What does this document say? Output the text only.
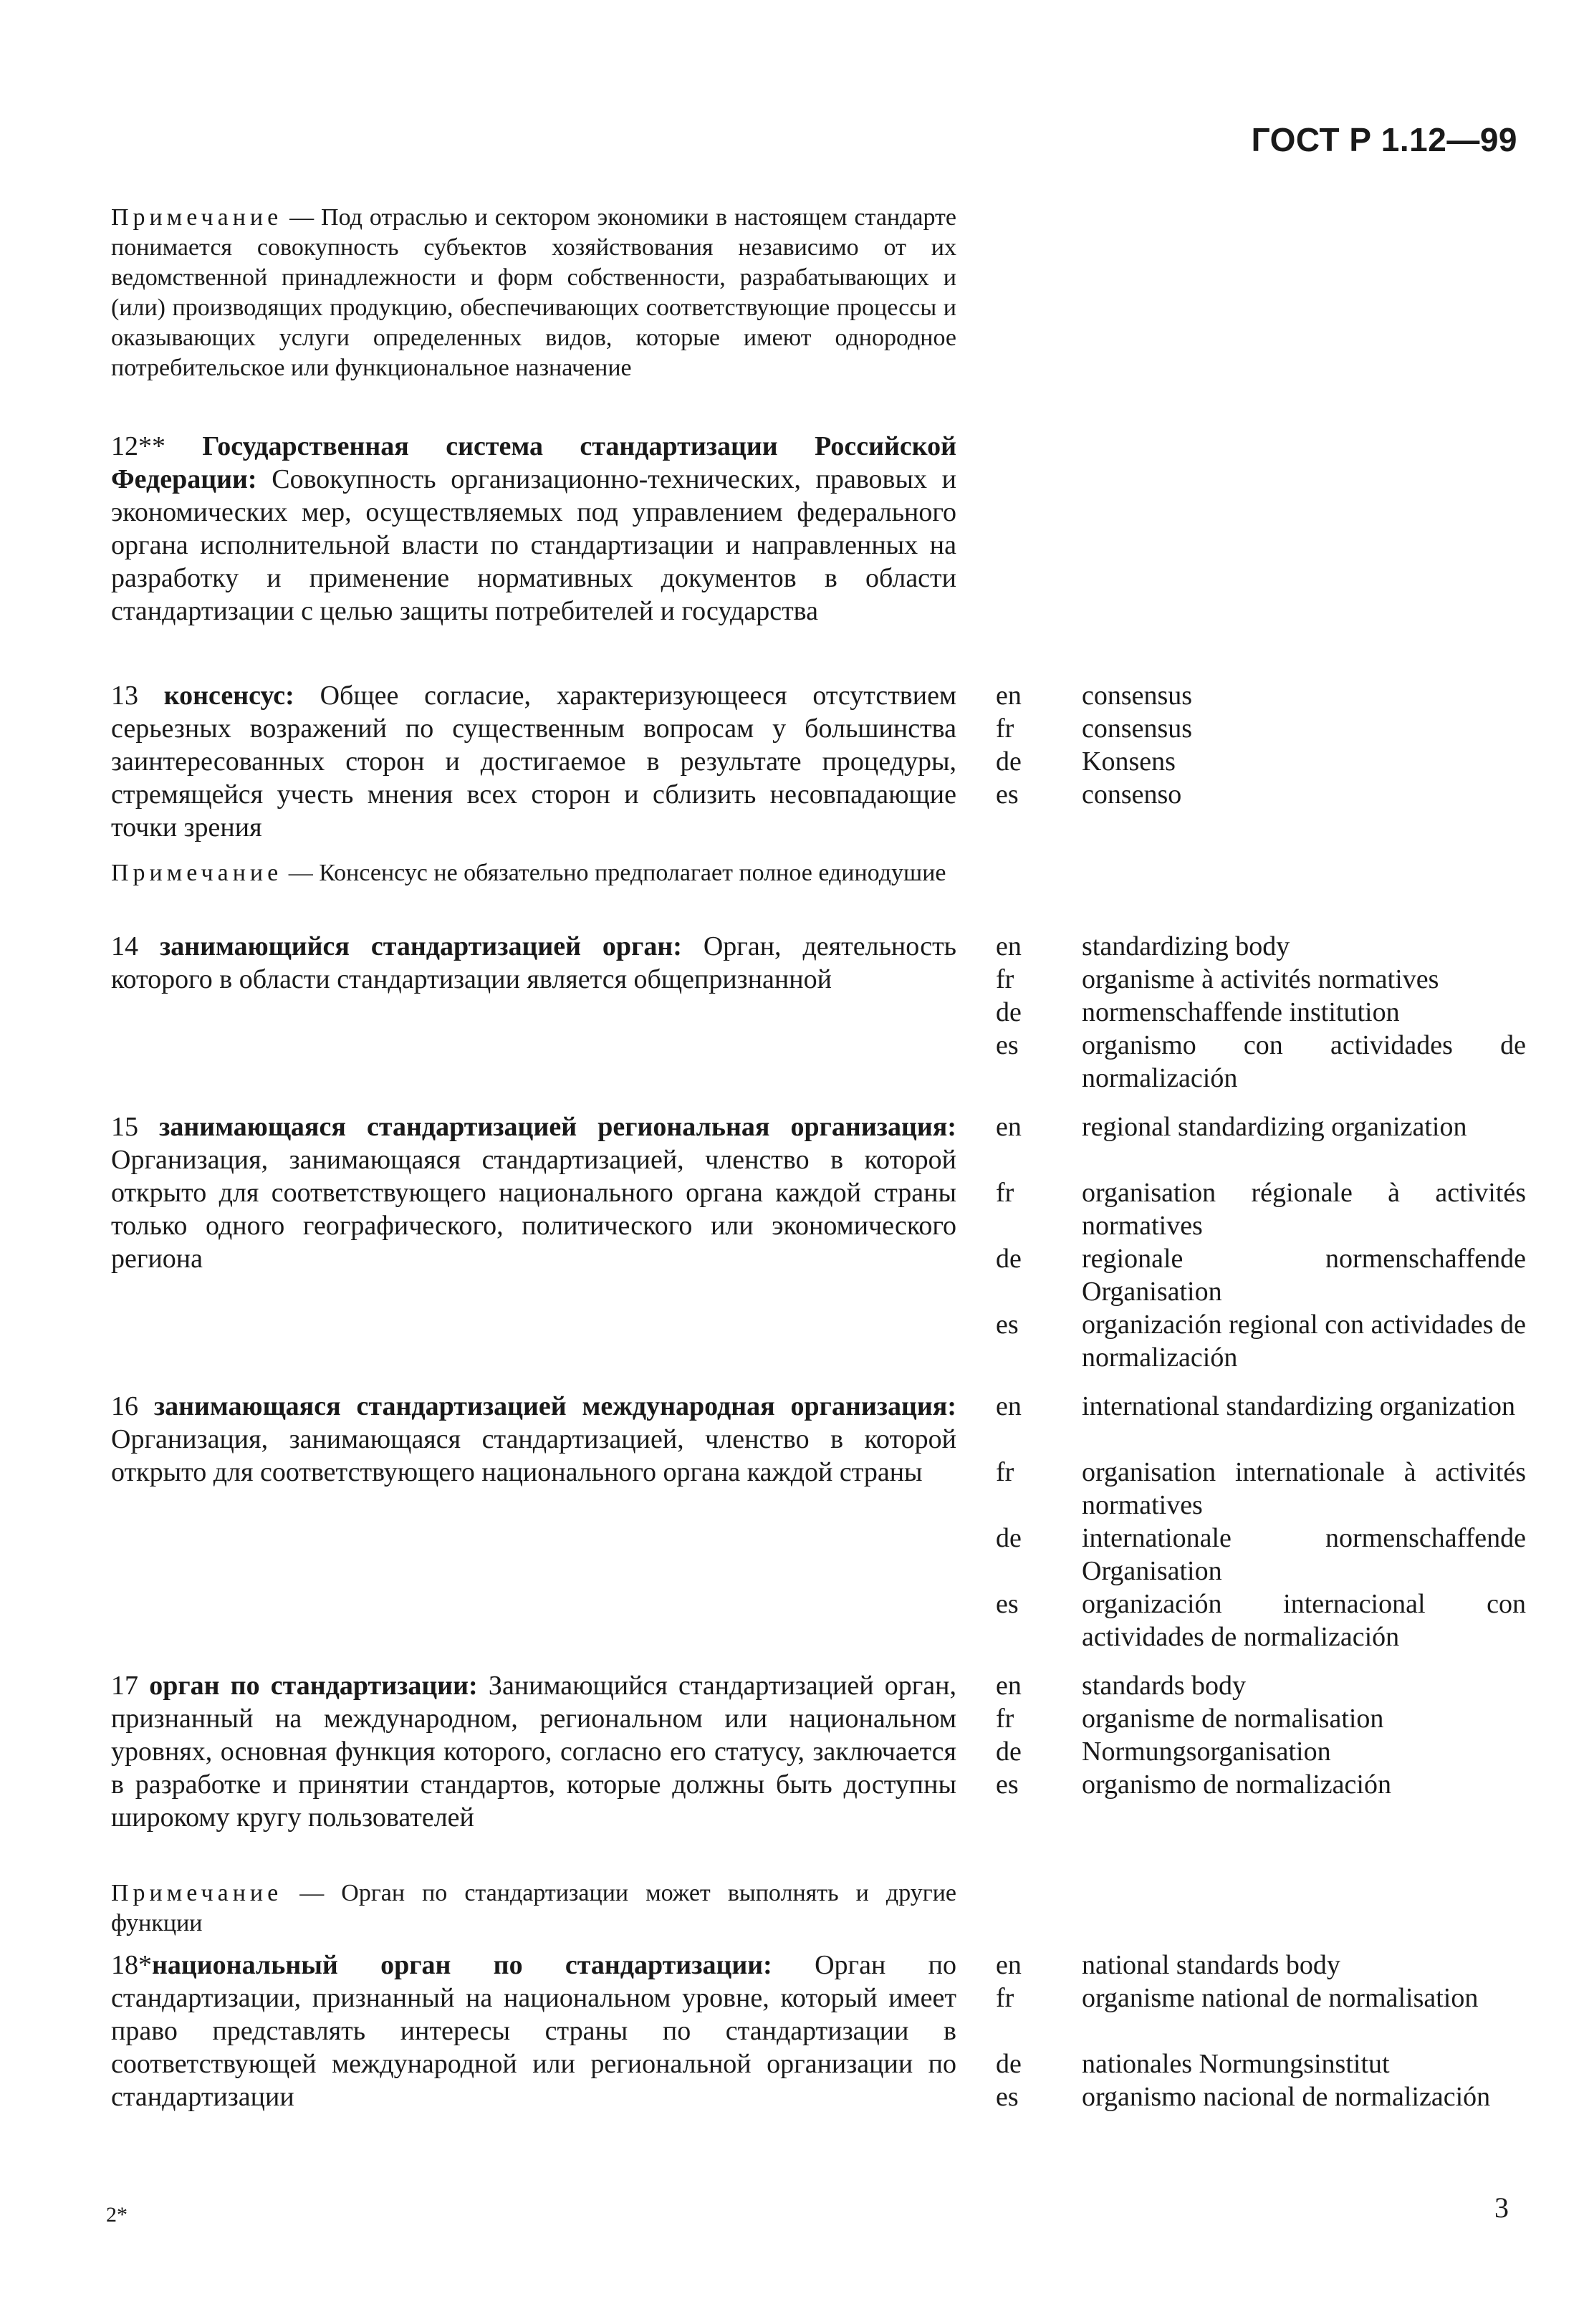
ГОСТ Р 1.12—99
Примечание — Под отраслью и сектором экономики в настоящем стандарте понимается совокупность субъектов хозяйствования независимо от их ведомственной принадлежности и форм собственности, разрабатывающих и (или) производящих продукцию, обеспечивающих соответствующие процессы и оказывающих услуги определенных видов, которые имеют однородное потребительское или функциональное назначение
12** Государственная система стандартизации Российской Федерации: Совокупность организационно-технических, правовых и экономических мер, осуществляемых под управлением федерального органа исполнительной власти по стандартизации и направленных на разработку и применение нормативных документов в области стандартизации с целью защиты потребителей и государства
13 консенсус: Общее согласие, характеризующееся отсутствием серьезных возражений по существенным вопросам у большинства заинтересованных сторон и достигаемое в результате процедуры, стремящейся учесть мнения всех сторон и сблизить несовпадающие точки зрения
en consensus
fr consensus
de Konsens
es consenso
Примечание — Консенсус не обязательно предполагает полное единодушие
14 занимающийся стандартизацией орган: Орган, деятельность которого в области стандартизации является общепризнанной
en standardizing body
fr organisme à activités normatives
de normenschaffende institution
es organismo con actividades de normalización
15 занимающаяся стандартизацией региональная организация: Организация, занимающаяся стандартизацией, членство в которой открыто для соответствующего национального органа каждой страны только одного географического, политического или экономического региона
en regional standardizing organization
fr organisation régionale à activités normatives
de regionale normenschaffende Organisation
es organización regional con actividades de normalización
16 занимающаяся стандартизацией международная организация: Организация, занимающаяся стандартизацией, членство в которой открыто для соответствующего национального органа каждой страны
en international standardizing organization
fr organisation internationale à activités normatives
de internationale normenschaffende Organisation
es organización internacional con actividades de normalización
17 орган по стандартизации: Занимающийся стандартизацией орган, признанный на международном, региональном или национальном уровнях, основная функция которого, согласно его статусу, заключается в разработке и принятии стандартов, которые должны быть доступны широкому кругу пользователей
en standards body
fr organisme de normalisation
de Normungsorganisation
es organismo de normalización
Примечание — Орган по стандартизации может выполнять и другие функции
18*национальный орган по стандартизации: Орган по стандартизации, признанный на национальном уровне, который имеет право представлять интересы страны по стандартизации в соответствующей международной или региональной организации по стандартизации
en national standards body
fr organisme national de normalisation
de nationales Normungsinstitut
es organismo nacional de normalización
2*	3
